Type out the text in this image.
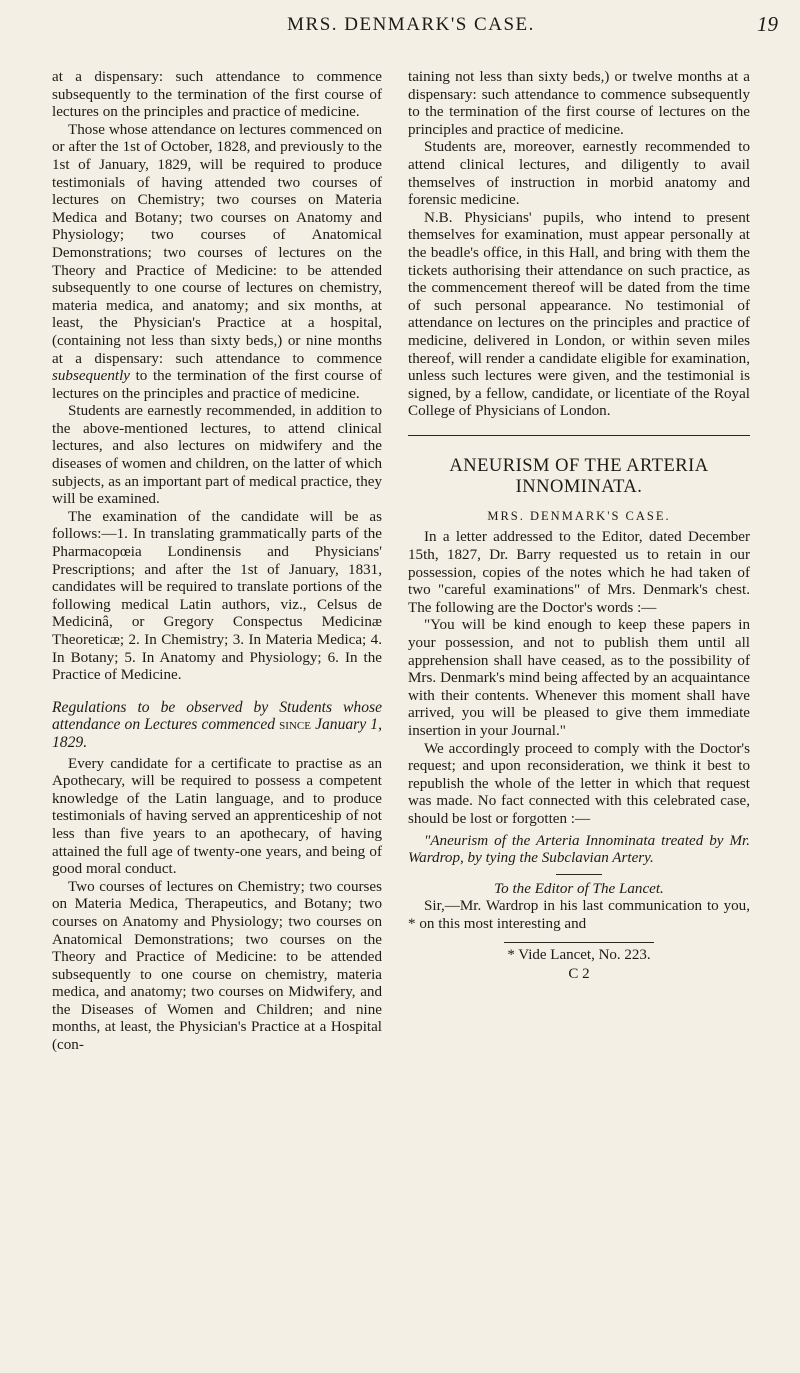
MRS. DENMARK'S CASE.	19

at a dispensary: such attendance to commence subsequently to the termination of the first course of lectures on the principles and practice of medicine.

Those whose attendance on lectures commenced on or after the 1st of October, 1828, and previously to the 1st of January, 1829, will be required to produce testimonials of having attended two courses of lectures on Chemistry; two courses on Materia Medica and Botany; two courses on Anatomy and Physiology; two courses of Anatomical Demonstrations; two courses of lectures on the Theory and Practice of Medicine: to be attended subsequently to one course of lectures on chemistry, materia medica, and anatomy; and six months, at least, the Physician's Practice at a hospital, (containing not less than sixty beds,) or nine months at a dispensary: such attendance to commence subsequently to the termination of the first course of lectures on the principles and practice of medicine.

Students are earnestly recommended, in addition to the above-mentioned lectures, to attend clinical lectures, and also lectures on midwifery and the diseases of women and children, on the latter of which subjects, as an important part of medical practice, they will be examined.

The examination of the candidate will be as follows:—1. In translating grammatically parts of the Pharmacopœia Londinensis and Physicians' Prescriptions; and after the 1st of January, 1831, candidates will be required to translate portions of the following medical Latin authors, viz., Celsus de Medicinâ, or Gregory Conspectus Medicinæ Theoreticæ; 2. In Chemistry; 3. In Materia Medica; 4. In Botany; 5. In Anatomy and Physiology; 6. In the Practice of Medicine.

Regulations to be observed by Students whose attendance on Lectures commenced since January 1, 1829.

Every candidate for a certificate to practise as an Apothecary, will be required to possess a competent knowledge of the Latin language, and to produce testimonials of having served an apprenticeship of not less than five years to an apothecary, of having attained the full age of twenty-one years, and being of good moral conduct.

Two courses of lectures on Chemistry; two courses on Materia Medica, Therapeutics, and Botany; two courses on Anatomy and Physiology; two courses on Anatomical Demonstrations; two courses on the Theory and Practice of Medicine: to be attended subsequently to one course on chemistry, materia medica, and anatomy; two courses on Midwifery, and the Diseases of Women and Children; and nine months, at least, the Physician's Practice at a Hospital (con-

taining not less than sixty beds,) or twelve months at a dispensary: such attendance to commence subsequently to the termination of the first course of lectures on the principles and practice of medicine.

Students are, moreover, earnestly recommended to attend clinical lectures, and diligently to avail themselves of instruction in morbid anatomy and forensic medicine.

N.B. Physicians' pupils, who intend to present themselves for examination, must appear personally at the beadle's office, in this Hall, and bring with them the tickets authorising their attendance on such practice, as the commencement thereof will be dated from the time of such personal appearance. No testimonial of attendance on lectures on the principles and practice of medicine, delivered in London, or within seven miles thereof, will render a candidate eligible for examination, unless such lectures were given, and the testimonial is signed, by a fellow, candidate, or licentiate of the Royal College of Physicians of London.

ANEURISM OF THE ARTERIA
INNOMINATA.
MRS. DENMARK'S CASE.

In a letter addressed to the Editor, dated December 15th, 1827, Dr. Barry requested us to retain in our possession, copies of the notes which he had taken of two "careful examinations" of Mrs. Denmark's chest. The following are the Doctor's words :—

"You will be kind enough to keep these papers in your possession, and not to publish them until all apprehension shall have ceased, as to the possibility of Mrs. Denmark's mind being affected by an acquaintance with their contents. Whenever this moment shall have arrived, you will be pleased to give them immediate insertion in your Journal."

We accordingly proceed to comply with the Doctor's request; and upon reconsideration, we think it best to republish the whole of the letter in which that request was made. No fact connected with this celebrated case, should be lost or forgotten :—

"Aneurism of the Arteria Innominata treated by Mr. Wardrop, by tying the Subclavian Artery.

To the Editor of The Lancet.

Sir,—Mr. Wardrop in his last communication to you, * on this most interesting and

* Vide Lancet, No. 223.

C 2
